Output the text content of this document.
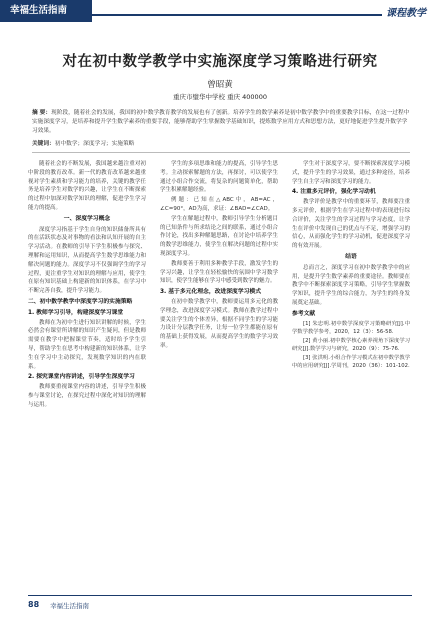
幸福生活指南	课程教学
对在初中数学教学中实施深度学习策略进行研究
曾昭黄
重庆市璧华中学校 重庆 400000
摘 要：现阶段，随着社会的发展，我国的初中数学教育教学的发展也有了创新。培养学生的数学素养是初中数学教学中的重要教学目标，在这一过程中实施深度学习，是培养和提升学生数学素养的重要手段，能够帮助学生掌握数学基础知识，提炼数学应用方式和思想方法，更好地促进学生提升数学学习效果。
关键词：初中数学；深度学习；实施策略

随着社会的不断发展，我国越来越注重对初中阶段的教育改革。新一代的教育改革越来越重视对学生素质和学习能力的培养，关键的教学任务是培养学生对数学的兴趣，让学生在不断探索的过程中加深对数学知识的理解，促进学生学习能力的提高。

一、深度学习概念

深度学习指基于学生自身的知识储备所具有的在活跃状态及对事物的看法和认知开展的自主学习活动。在教师的引导下学生积极参与探究、理解和运用知识，从而提高学生数学思维能力和解决问题的能力。深度学习不仅强调学生的学习过程，更注重学生对知识的理解与应用，使学生在原有知识基础上构建新的知识体系，在学习中不断完善自我，提升学习能力。

二、初中数学教学中深度学习的实施策略
1. 教师学习引导，构建深度学习课堂

教师在为初中生进行知识讲解的时候，学生必然会有课堂所讲解的知识产生疑问，但是教师需要在教学中把握课堂节奏，适时给予学生引导，帮助学生在思考中构建新的知识体系，让学生在学习中主动探究，发现数学知识的内在联系。

2. 探究课堂内容讲述，引导学生深度学习

教师要重视课堂内容的讲述，引导学生积极参与课堂讨论，在探究过程中深化对知识的理解与运用。

学生的多项思维和能力的提高，引导学生思考。主动探索解题的方法，再探讨，可以使学生通过小组合作交流，将复杂的问题简单化，帮助学生积累解题经验。

例题：已知在△ABC中，AB=AC，∠C=90°，AD为高，求证：∠BAD=∠CAD。

学生在解题过程中，教师引导学生分析题目的已知条件与所求结论之间的联系，通过小组合作讨论，找出多种解题思路，在讨论中培养学生的数学思维能力，使学生在解决问题的过程中实现深度学习。

教师要善于利用多种教学手段，激发学生的学习兴趣，让学生在轻松愉快的氛围中学习数学知识，使学生能够在学习中感受到数学的魅力。

3. 基于多元化理念，改进深度学习模式

在初中数学教学中，教师要运用多元化的教学理念，改进深度学习模式。教师在教学过程中要关注学生的个体差异，根据不同学生的学习能力设计分层教学任务，让每一位学生都能在原有的基础上获得发展，从而提高学生的数学学习效率。

学生对于深度学习，要不断探索深度学习模式，提升学生的学习效果，通过多种途径，培养学生自主学习和深度学习的能力。

4. 注重多元评价，强化学习动机

教学评价是教学中的重要环节，教师要注重多元评价，根据学生在学习过程中的表现进行综合评价，关注学生的学习过程与学习态度，让学生在评价中发现自己的优点与不足，增强学习的信心，从而强化学生的学习动机，促进深度学习的有效开展。

结语

总而言之，深度学习在初中数学教学中的应用，是提升学生数学素养的重要途径。教师要在教学中不断探索深度学习策略，引导学生掌握数学知识，提升学生的综合能力，为学生的终身发展奠定基础。

参考文献

[1] 朱忠明.初中数学深度学习策略研究[J].中学数学教学参考，2020，12（3）：56-58.

[2] 黄小丽.初中数学核心素养视角下深度学习研究[J].数学学习与研究，2020（9）：75-76.

[3] 张洪明.小组合作学习模式在初中数学教学中的应用研究[J].学周刊，2020（36）：101-102.

88 幸福生活指南
